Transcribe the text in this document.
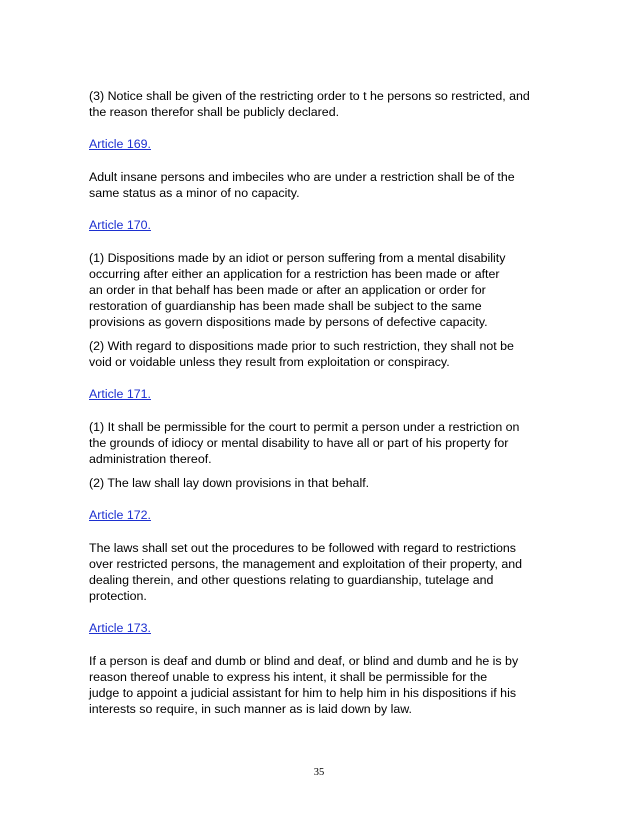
(3) Notice shall be given of the restricting order to t he persons so restricted, and
the reason therefor shall be publicly declared.

Article 169.

Adult insane persons and imbeciles who are under a restriction shall be of the
same status as a minor of no capacity.

Article 170.

(1) Dispositions made by an idiot or person suffering from a mental disability
occurring after either an application for a restriction has been made or after
an order in that behalf has been made or after an application or order for
restoration of guardianship has been made shall be subject to the same
provisions as govern dispositions made by persons of defective capacity.

(2) With regard to dispositions made prior to such restriction, they shall not be
void or voidable unless they result from exploitation or conspiracy.

Article 171.

(1) It shall be permissible for the court to permit a person under a restriction on
the grounds of idiocy or mental disability to have all or part of his property for
administration thereof.

(2) The law shall lay down provisions in that behalf.

Article 172.

The laws shall set out the procedures to be followed with regard to restrictions
over restricted persons, the management and exploitation of their property, and
dealing therein, and other questions relating to guardianship, tutelage and
protection.

Article 173.

If a person is deaf and dumb or blind and deaf, or blind and dumb and he is by
reason thereof unable to express his intent, it shall be permissible for the
judge to appoint a judicial assistant for him to help him in his dispositions if his
interests so require, in such manner as is laid down by law.

35
